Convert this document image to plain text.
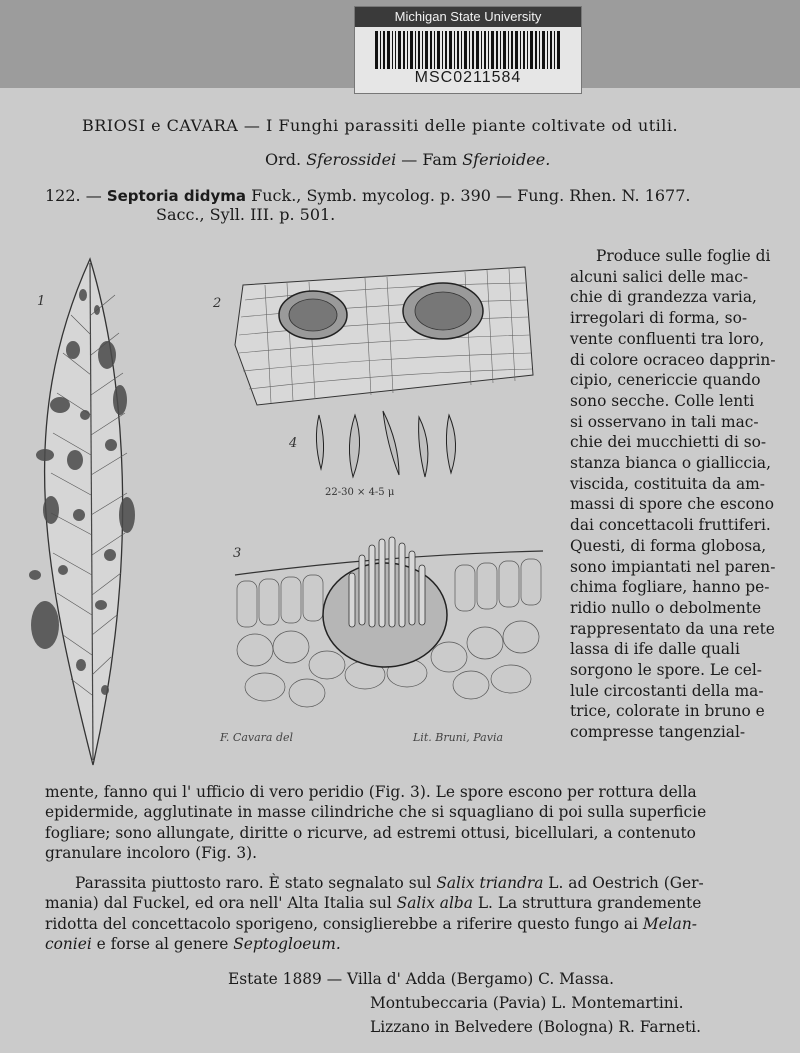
Michigan State University
MSC0211584
BRIOSI e CAVARA — I Funghi parassiti delle piante coltivate od utili.
Ord. Sferossidei — Fam Sferioidee.
122. — Septoria didyma Fuck., Symb. mycolog. p. 390 — Fung. Rhen. N. 1677.
Sacc., Syll. III. p. 501.
1	2
4
22-30 × 4-5 μ
3
F. Cavara del	Lit. Bruni, Pavia
Produce sulle foglie di
alcuni salici delle mac-
chie di grandezza varia,
irregolari di forma, so-
vente confluenti tra loro,
di colore ocraceo dapprin-
cipio, cenericcie quando
sono secche. Colle lenti
si osservano in tali mac-
chie dei mucchietti di so-
stanza bianca o gialliccia,
viscida, costituita da am-
massi di spore che escono
dai concettacoli fruttiferi.
Questi, di forma globosa,
sono impiantati nel paren-
chima fogliare, hanno pe-
ridio nullo o debolmente
rappresentato da una rete
lassa di ife dalle quali
sorgono le spore. Le cel-
lule circostanti della ma-
trice, colorate in bruno e
compresse tangenzial-
mente, fanno qui l' ufficio di vero peridio (Fig. 3). Le spore escono per rottura della
epidermide, agglutinate in masse cilindriche che si squagliano di poi sulla superficie
fogliare; sono allungate, diritte o ricurve, ad estremi ottusi, bicellulari, a contenuto
granulare incoloro (Fig. 3).
Parassita piuttosto raro. È stato segnalato sul Salix triandra L. ad Oestrich (Ger-
mania) dal Fuckel, ed ora nell' Alta Italia sul Salix alba L. La struttura grandemente
ridotta del concettacolo sporigeno, consiglierebbe a riferire questo fungo ai Melan-
coniei e forse al genere Septogloeum.
Estate 1889 — Villa d' Adda (Bergamo) C. Massa.
Montubeccaria (Pavia) L. Montemartini.
Lizzano in Belvedere (Bologna) R. Farneti.
